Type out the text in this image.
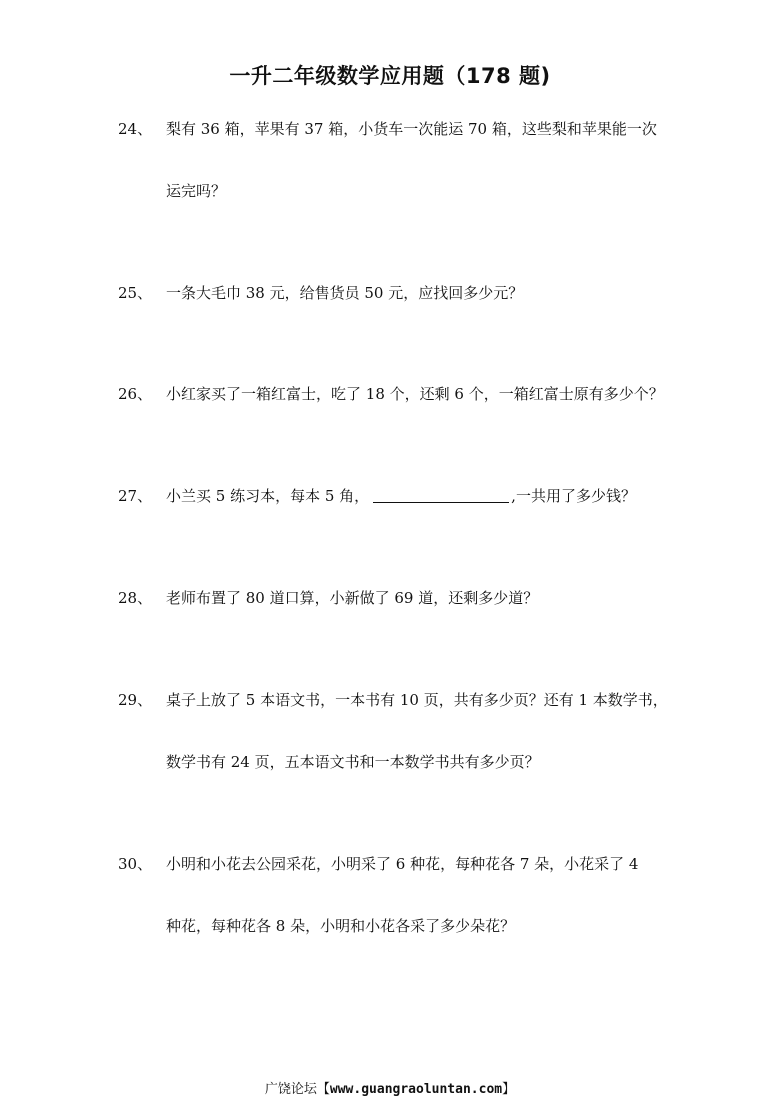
一升二年级数学应用题（178 题)
24、 梨有 36 箱，苹果有 37 箱，小货车一次能运 70 箱，这些梨和苹果能一次
运完吗？
25、 一条大毛巾 38 元，给售货员 50 元，应找回多少元？
26、 小红家买了一箱红富士，吃了 18 个，还剩 6 个，一箱红富士原有多少个？
27、 小兰买 5 练习本，每本 5 角，	,一共用了多少钱？
28、 老师布置了 80 道口算，小新做了 69 道，还剩多少道？
29、 桌子上放了 5 本语文书，一本书有 10 页，共有多少页？还有 1 本数学书，
数学书有 24 页，五本语文书和一本数学书共有多少页？
30、 小明和小花去公园采花，小明采了 6 种花，每种花各 7 朵，小花采了 4
种花，每种花各 8 朵，小明和小花各采了多少朵花？
广饶论坛【www.guangraoluntan.com】
